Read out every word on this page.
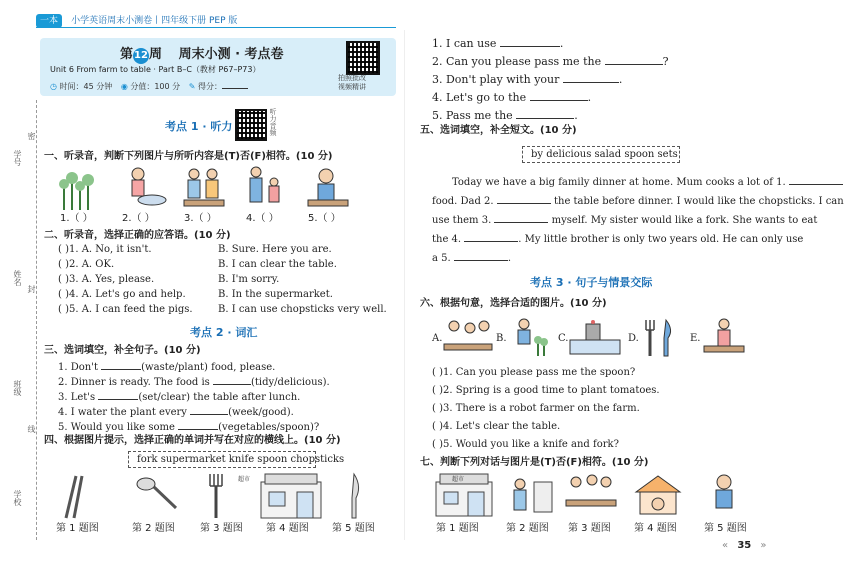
一本 小学英语周末小测卷丨四年级下册 PEP 版
第12周 周末小测 · 考点卷
Unit 6 From farm to table · Part B–C（教材 P67–P73）
◷ 时间：45 分钟 ◉ 分值：100 分 ✎ 得分：
拍照批改
视频精讲
学号
姓名
封
班级
线
学校
密
考点 1 · 听力	听力音频
一、听录音，判断下列图片与所听内容是(T)否(F)相符。(10 分)
1.（ ）	2.（ ）	3.（ ）	4.（ ）	5.（ ）
二、听录音，选择正确的应答语。(10 分)
( )1. A. No, it isn't.	B. Sure. Here you are.
( )2. A. OK.	B. I can clear the table.
( )3. A. Yes, please.	B. I'm sorry.
( )4. A. Let's go and help.	B. In the supermarket.
( )5. A. I can feed the pigs.	B. I can use chopsticks very well.
考点 2 · 词汇
三、选词填空，补全句子。(10 分)
1. Don't	(waste/plant) food, please.
2. Dinner is ready. The food is	(tidy/delicious).
3. Let's	(set/clear) the table after lunch.
4. I water the plant every	(week/good).
5. Would you like some	(vegetables/spoon)?
四、根据图片提示，选择正确的单词并写在对应的横线上。(10 分)
fork supermarket knife spoon chopsticks
超市
第 1 题图	第 2 题图	第 3 题图 第 4 题图 第 5 题图
1. I can use	.
2. Can you please pass me the	?
3. Don't play with your	.
4. Let's go to the	.
5. Pass me the	.
五、选词填空，补全短文。(10 分)
by delicious salad spoon sets
Today we have a big family dinner at home. Mum cooks a lot of 1.
food. Dad 2.	the table before dinner. I would like the chopsticks. I can
use them 3.	myself. My sister would like a fork. She wants to eat
the 4.	. My little brother is only two years old. He can only use
a 5.	.
考点 3 · 句子与情景交际
六、根据句意，选择合适的图片。(10 分)
A.	B.	C.	D.	E.
( )1. Can you please pass me the spoon?
( )2. Spring is a good time to plant tomatoes.
( )3. There is a robot farmer on the farm.
( )4. Let's clear the table.
( )5. Would you like a knife and fork?
七、判断下列对话与图片是(T)否(F)相符。(10 分)
超市
第 1 题图	第 2 题图 第 3 题图 第 4 题图	第 5 题图
« 35 »
